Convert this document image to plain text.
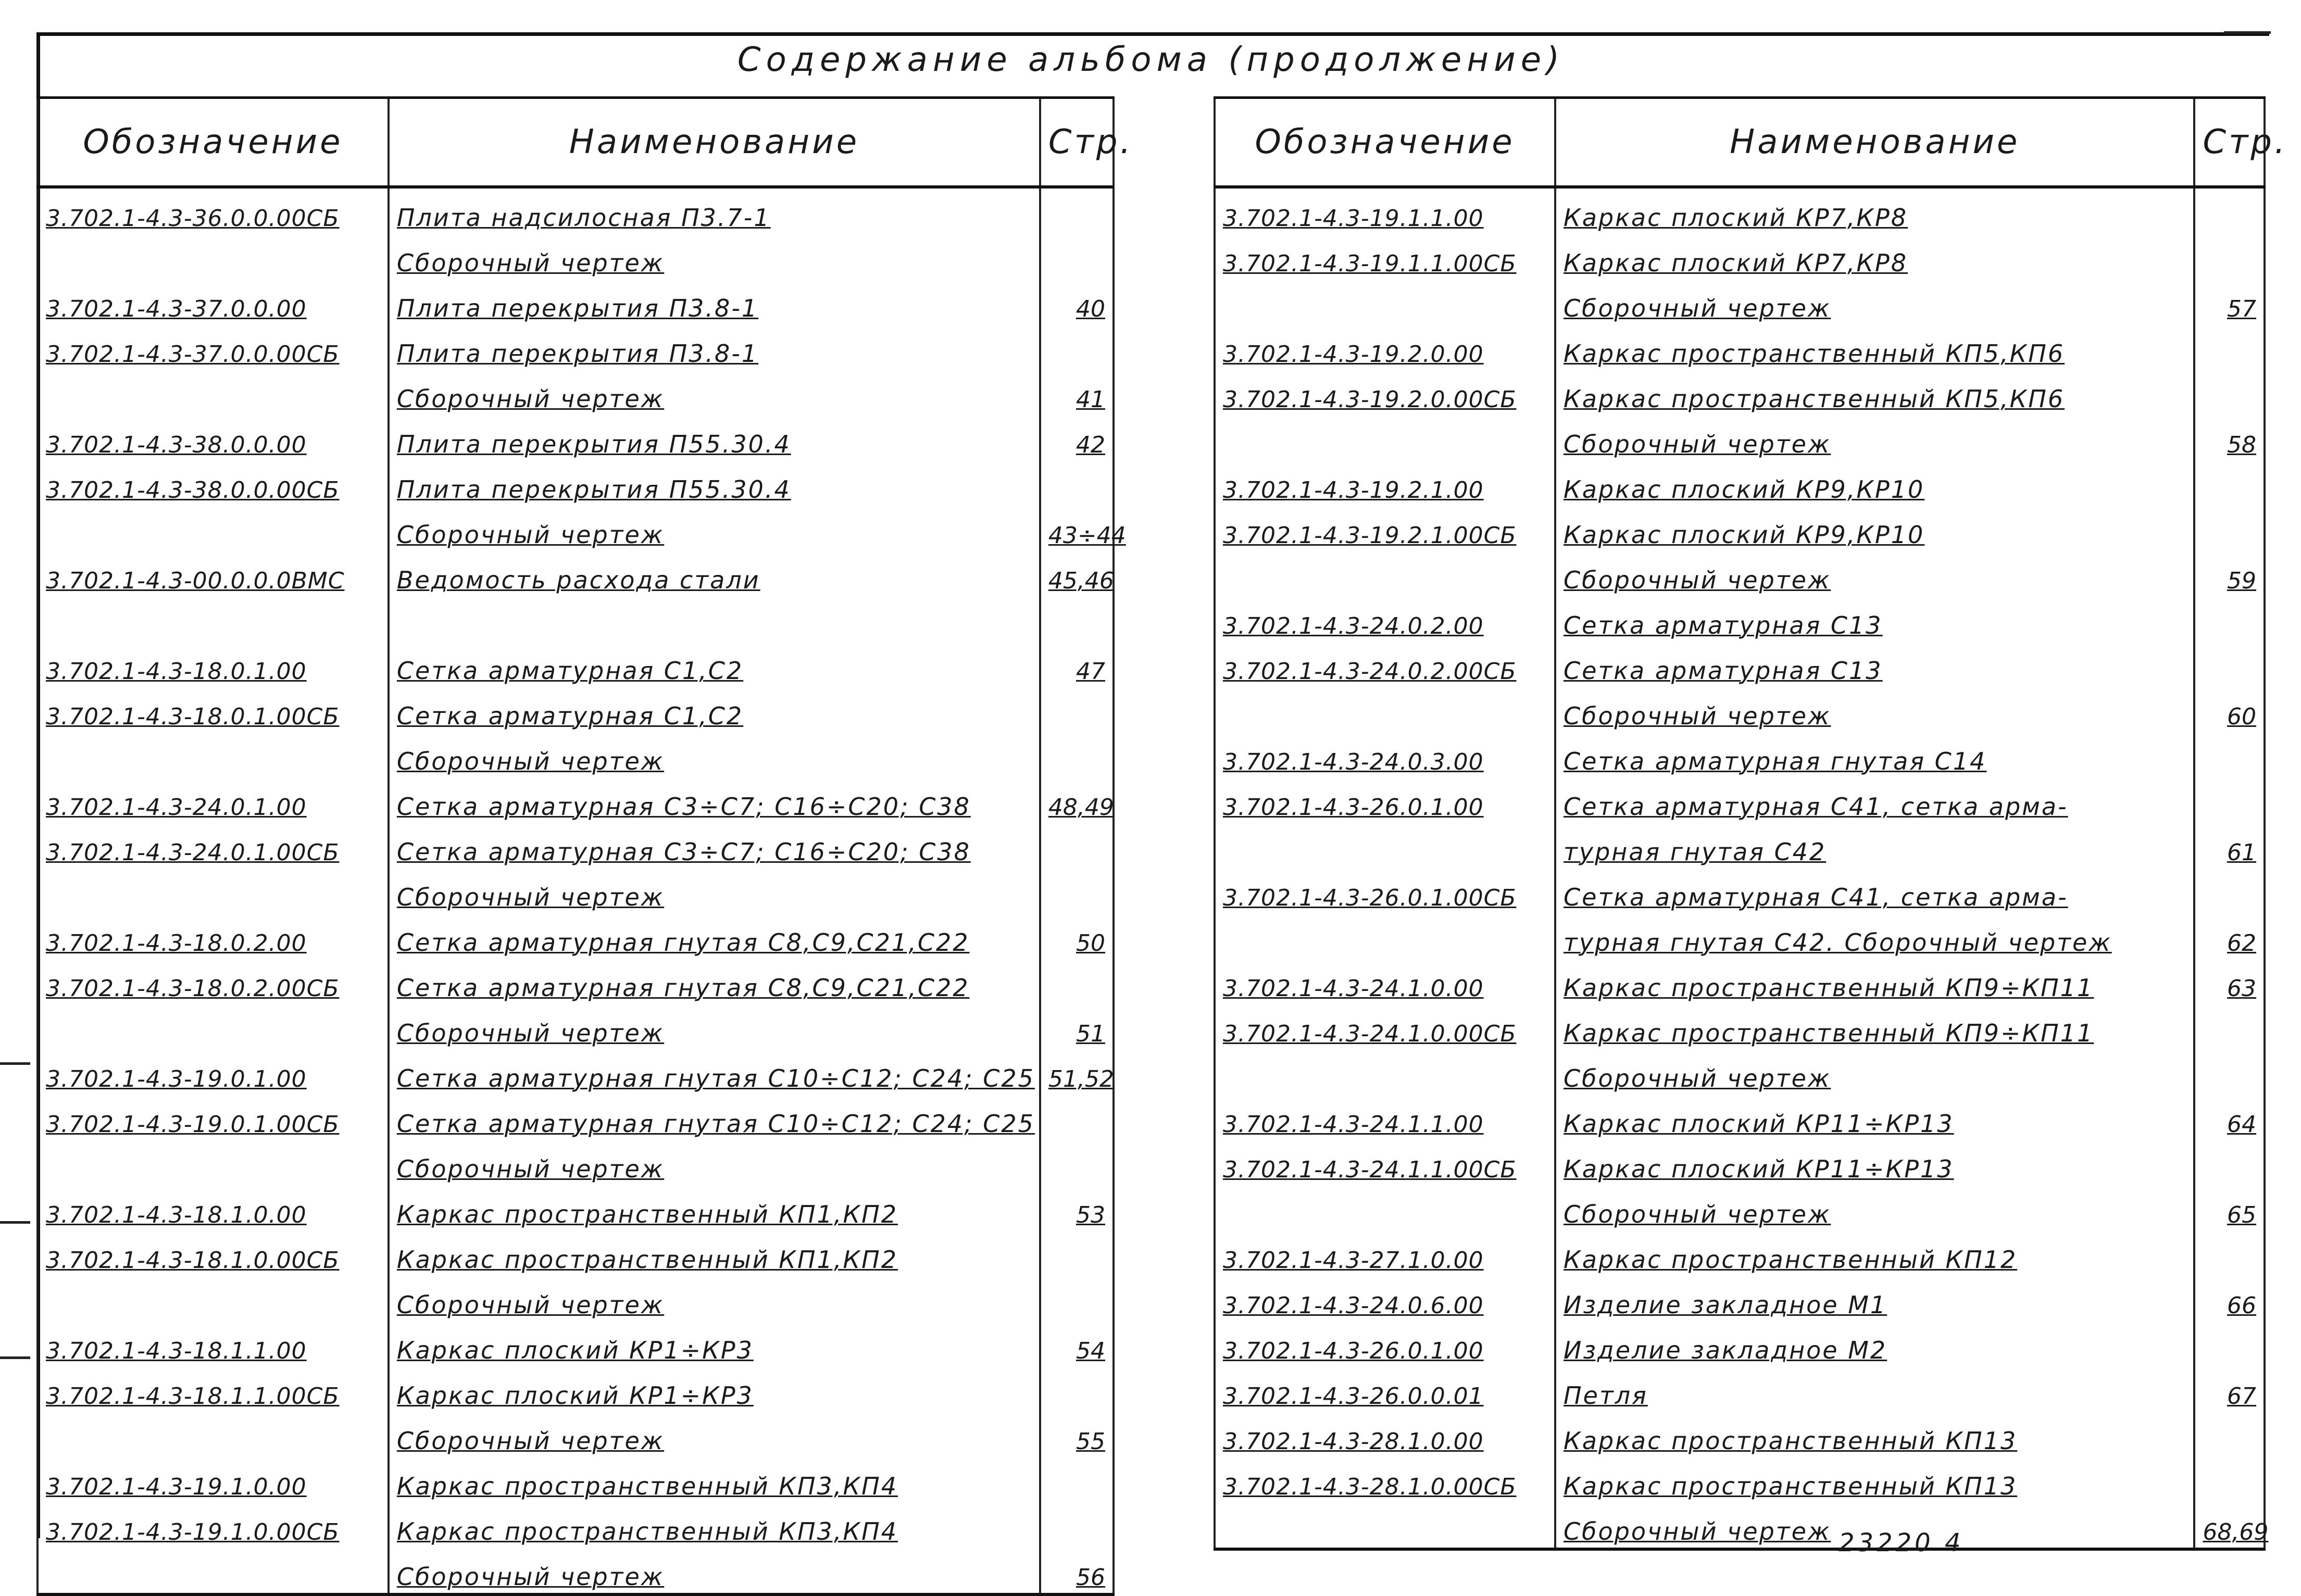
Содержание альбома (продолжение)
Обозначение	Наименование	Стр.
3.702.1-4.3-36.0.0.00СБ	Плита надсилосная П3.7-1	
	Сборочный чертеж	
3.702.1-4.3-37.0.0.00	Плита перекрытия П3.8-1	40
3.702.1-4.3-37.0.0.00СБ	Плита перекрытия П3.8-1	
	Сборочный чертеж	41
3.702.1-4.3-38.0.0.00	Плита перекрытия П55.30.4	42
3.702.1-4.3-38.0.0.00СБ	Плита перекрытия П55.30.4	
	Сборочный чертеж	43÷44
3.702.1-4.3-00.0.0.0ВМС	Ведомость расхода стали	45,46

3.702.1-4.3-18.0.1.00	Сетка арматурная С1,С2	47
3.702.1-4.3-18.0.1.00СБ	Сетка арматурная С1,С2	
	Сборочный чертеж	
3.702.1-4.3-24.0.1.00	Сетка арматурная С3÷С7; С16÷С20; С38	48,49
3.702.1-4.3-24.0.1.00СБ	Сетка арматурная С3÷С7; С16÷С20; С38	
	Сборочный чертеж	
3.702.1-4.3-18.0.2.00	Сетка арматурная гнутая С8,С9,С21,С22	50
3.702.1-4.3-18.0.2.00СБ	Сетка арматурная гнутая С8,С9,С21,С22	
	Сборочный чертеж	51
3.702.1-4.3-19.0.1.00	Сетка арматурная гнутая С10÷С12; С24; С25	51,52
3.702.1-4.3-19.0.1.00СБ	Сетка арматурная гнутая С10÷С12; С24; С25	
	Сборочный чертеж	
3.702.1-4.3-18.1.0.00	Каркас пространственный КП1,КП2	53
3.702.1-4.3-18.1.0.00СБ	Каркас пространственный КП1,КП2	
	Сборочный чертеж	
3.702.1-4.3-18.1.1.00	Каркас плоский КР1÷КР3	54
3.702.1-4.3-18.1.1.00СБ	Каркас плоский КР1÷КР3	
	Сборочный чертеж	55
3.702.1-4.3-19.1.0.00	Каркас пространственный КП3,КП4	
3.702.1-4.3-19.1.0.00СБ	Каркас пространственный КП3,КП4	
	Сборочный чертеж	56
Обозначение	Наименование	Стр.
3.702.1-4.3-19.1.1.00	Каркас плоский КР7,КР8	
3.702.1-4.3-19.1.1.00СБ	Каркас плоский КР7,КР8	
	Сборочный чертеж	57
3.702.1-4.3-19.2.0.00	Каркас пространственный КП5,КП6	
3.702.1-4.3-19.2.0.00СБ	Каркас пространственный КП5,КП6	
	Сборочный чертеж	58
3.702.1-4.3-19.2.1.00	Каркас плоский КР9,КР10	
3.702.1-4.3-19.2.1.00СБ	Каркас плоский КР9,КР10	
	Сборочный чертеж	59
3.702.1-4.3-24.0.2.00	Сетка арматурная С13	
3.702.1-4.3-24.0.2.00СБ	Сетка арматурная С13	
	Сборочный чертеж	60
3.702.1-4.3-24.0.3.00	Сетка арматурная гнутая С14	
3.702.1-4.3-26.0.1.00	Сетка арматурная С41, сетка арма-	
	турная гнутая С42	61
3.702.1-4.3-26.0.1.00СБ	Сетка арматурная С41, сетка арма-	
	турная гнутая С42. Сборочный чертеж	62
3.702.1-4.3-24.1.0.00	Каркас пространственный КП9÷КП11	63
3.702.1-4.3-24.1.0.00СБ	Каркас пространственный КП9÷КП11	
	Сборочный чертеж	
3.702.1-4.3-24.1.1.00	Каркас плоский КР11÷КР13	64
3.702.1-4.3-24.1.1.00СБ	Каркас плоский КР11÷КР13	
	Сборочный чертеж	65
3.702.1-4.3-27.1.0.00	Каркас пространственный КП12	
3.702.1-4.3-24.0.6.00	Изделие закладное М1	66
3.702.1-4.3-26.0.1.00	Изделие закладное М2	
3.702.1-4.3-26.0.0.01	Петля	67
3.702.1-4.3-28.1.0.00	Каркас пространственный КП13	
3.702.1-4.3-28.1.0.00СБ	Каркас пространственный КП13	
	Сборочный чертеж	68,69
23220 4
